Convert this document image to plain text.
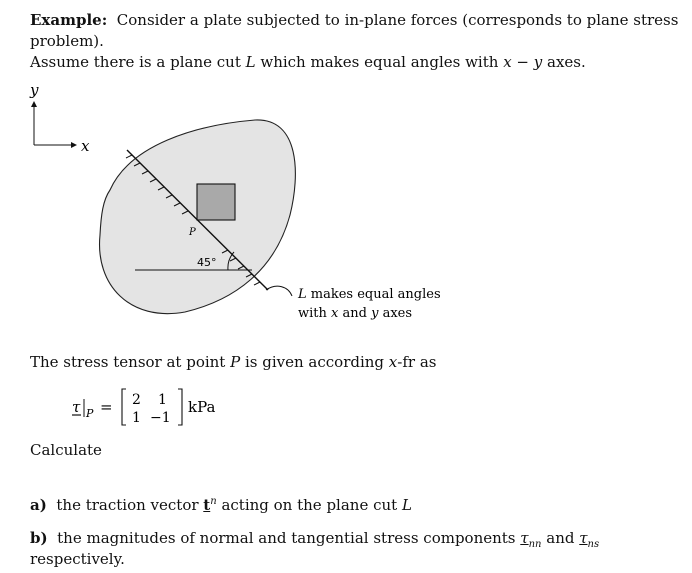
Example: Consider a plate subjected to in-plane forces (corresponds to plane stress problem).
Assume there is a plane cut L which makes equal angles with x − y axes.
y
x
45°
P
L makes equal angles
with x and y axes
The stress tensor at point P is given according x-fr as
τ P = 2 1
1 −1
kPa
Calculate
a) the traction vector $t^n$ acting on the plane cut L
b) the magnitudes of normal and tangential stress components $\tau_{nn}$ and $\tau_{ns}$ respectively.
